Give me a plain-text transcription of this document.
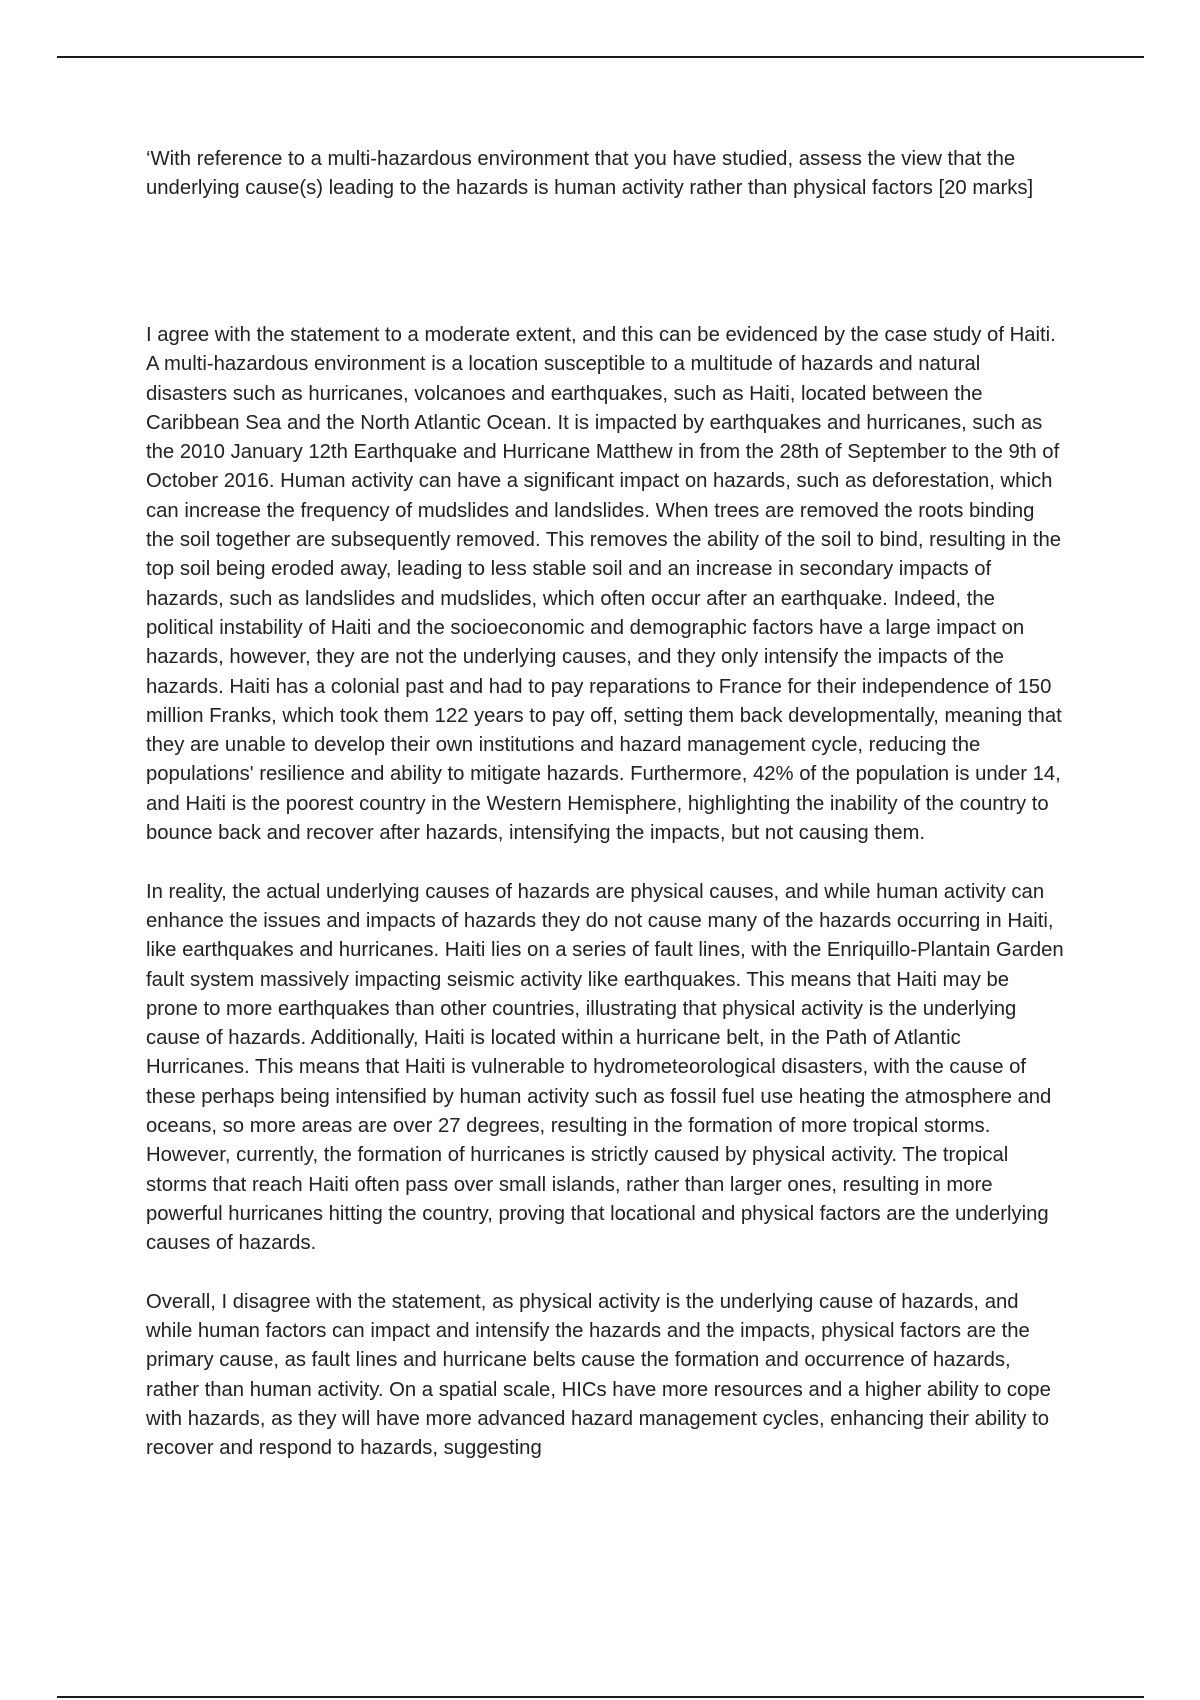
‘With reference to a multi-hazardous environment that you have studied, assess the view that the underlying cause(s) leading to the hazards is human activity rather than physical factors [20 marks]

I agree with the statement to a moderate extent, and this can be evidenced by the case study of Haiti. A multi-hazardous environment is a location susceptible to a multitude of hazards and natural disasters such as hurricanes, volcanoes and earthquakes, such as Haiti, located between the Caribbean Sea and the North Atlantic Ocean. It is impacted by earthquakes and hurricanes, such as the 2010 January 12th Earthquake and Hurricane Matthew in from the 28th of September to the 9th of October 2016. Human activity can have a significant impact on hazards, such as deforestation, which can increase the frequency of mudslides and landslides. When trees are removed the roots binding the soil together are subsequently removed. This removes the ability of the soil to bind, resulting in the top soil being eroded away, leading to less stable soil and an increase in secondary impacts of hazards, such as landslides and mudslides, which often occur after an earthquake. Indeed, the political instability of Haiti and the socioeconomic and demographic factors have a large impact on hazards, however, they are not the underlying causes, and they only intensify the impacts of the hazards. Haiti has a colonial past and had to pay reparations to France for their independence of 150 million Franks, which took them 122 years to pay off, setting them back developmentally, meaning that they are unable to develop their own institutions and hazard management cycle, reducing the populations' resilience and ability to mitigate hazards. Furthermore, 42% of the population is under 14, and Haiti is the poorest country in the Western Hemisphere, highlighting the inability of the country to bounce back and recover after hazards, intensifying the impacts, but not causing them.

In reality, the actual underlying causes of hazards are physical causes, and while human activity can enhance the issues and impacts of hazards they do not cause many of the hazards occurring in Haiti, like earthquakes and hurricanes. Haiti lies on a series of fault lines, with the Enriquillo-Plantain Garden fault system massively impacting seismic activity like earthquakes. This means that Haiti may be prone to more earthquakes than other countries, illustrating that physical activity is the underlying cause of hazards. Additionally, Haiti is located within a hurricane belt, in the Path of Atlantic Hurricanes. This means that Haiti is vulnerable to hydrometeorological disasters, with the cause of these perhaps being intensified by human activity such as fossil fuel use heating the atmosphere and oceans, so more areas are over 27 degrees, resulting in the formation of more tropical storms. However, currently, the formation of hurricanes is strictly caused by physical activity. The tropical storms that reach Haiti often pass over small islands, rather than larger ones, resulting in more powerful hurricanes hitting the country, proving that locational and physical factors are the underlying causes of hazards.

Overall, I disagree with the statement, as physical activity is the underlying cause of hazards, and while human factors can impact and intensify the hazards and the impacts, physical factors are the primary cause, as fault lines and hurricane belts cause the formation and occurrence of hazards, rather than human activity. On a spatial scale, HICs have more resources and a higher ability to cope with hazards, as they will have more advanced hazard management cycles, enhancing their ability to recover and respond to hazards, suggesting
